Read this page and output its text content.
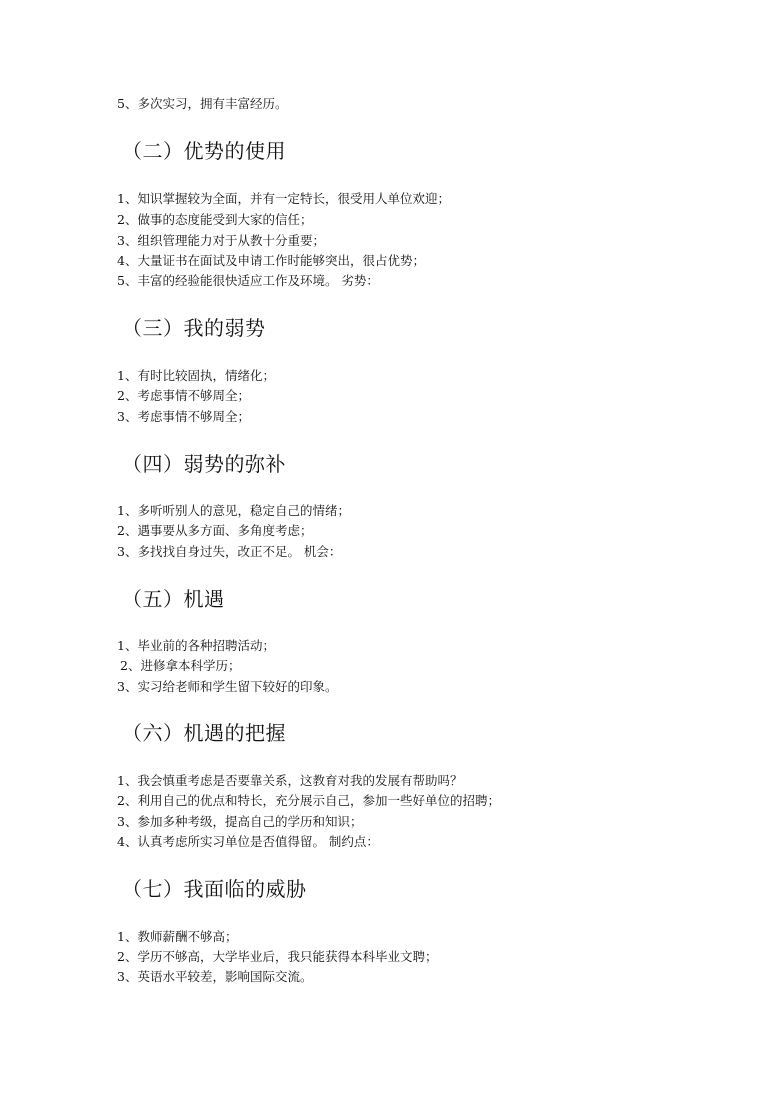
5、多次实习，拥有丰富经历。
（二）优势的使用
1、知识掌握较为全面，并有一定特长，很受用人单位欢迎；
2、做事的态度能受到大家的信任；
3、组织管理能力对于从教十分重要；
4、大量证书在面试及申请工作时能够突出，很占优势；
5、丰富的经验能很快适应工作及环境。 劣势：
（三）我的弱势
1、有时比较固执，情绪化；
2、考虑事情不够周全；
3、考虑事情不够周全；
（四）弱势的弥补
1、多听听别人的意见，稳定自己的情绪；
2、遇事要从多方面、多角度考虑；
3、多找找自身过失，改正不足。 机会：
（五）机遇
1、毕业前的各种招聘活动；
2、进修拿本科学历；
3、实习给老师和学生留下较好的印象。
（六）机遇的把握
1、我会慎重考虑是否要靠关系，这教育对我的发展有帮助吗？
2、利用自己的优点和特长，充分展示自己，参加一些好单位的招聘；
3、参加多种考级，提高自己的学历和知识；
4、认真考虑所实习单位是否值得留。 制约点：
（七）我面临的威胁
1、教师薪酬不够高；
2、学历不够高，大学毕业后，我只能获得本科毕业文聘；
3、英语水平较差，影响国际交流。
